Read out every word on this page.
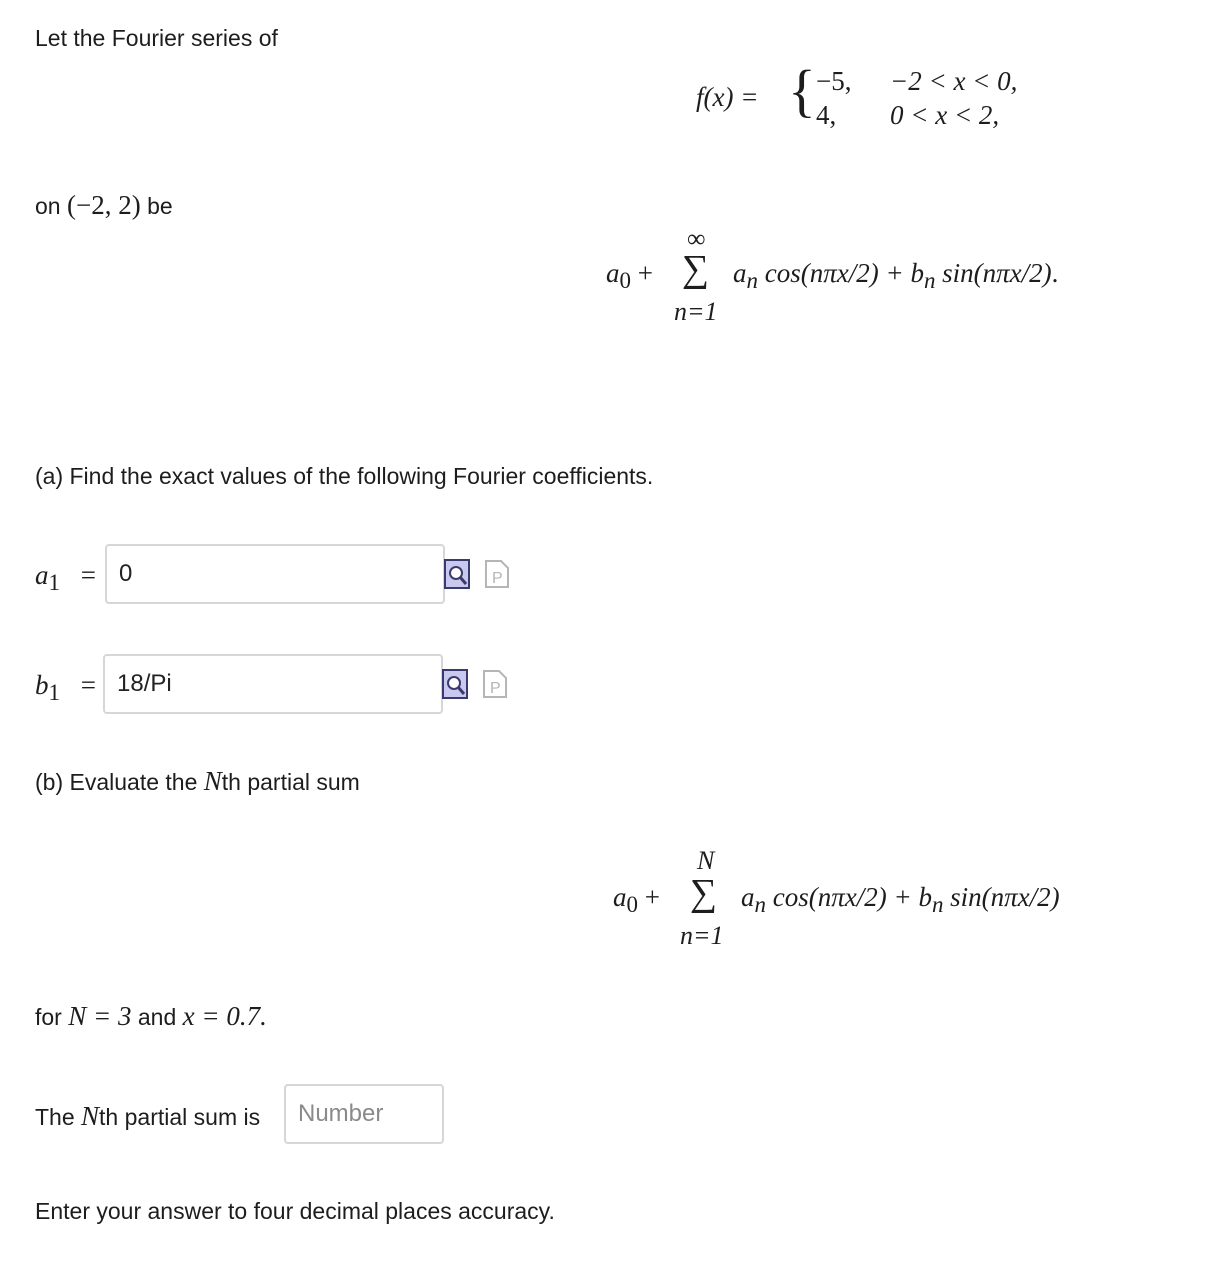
Let the Fourier series of
f(x) = { −5, −2 < x < 0,
4, 0 < x < 2,
on (−2, 2) be
$a_0$ +
∞
∑
n=1
$a_n$ $\cos(n\pi x/2) + b_n$ sin(nπx/2).
(a) Find the exact values of the following Fourier coefficients.
$a_1 = 0$	P
$b_1 = 18/Pi$	P
(b) Evaluate the Nth partial sum
$a_0$ +
N
∑
n=1
$a_n$ $\cos(n\pi x/2) + b_n$ sin(nπx/2)
for N = 3 and x = 0.7.
The Nth partial sum is	Number
Enter your answer to four decimal places accuracy.
